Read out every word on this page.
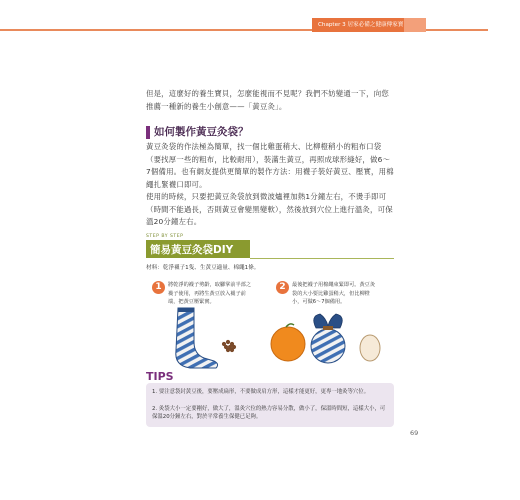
Chapter 3 居家必備之健康傳家寶

但是，這麼好的養生寶貝，怎麼能視而不見呢？我們不妨變通一下，向您推薦一種新的養生小創意——「黃豆灸」。

如何製作黃豆灸袋？

黃豆灸袋的作法極為簡單，找一個比雞蛋稍大、比柳橙稍小的粗布口袋（要找厚一些的粗布，比較耐用），裝滿生黃豆，再照成球形縫好，做6～7個備用。也有網友提供更簡單的製作方法：用襪子裝好黃豆、壓實，用棉繩扎緊襪口即可。

使用的時候，只要把黃豆灸袋放到微波爐裡加熱1分鐘左右，不燙手即可（時間不能過長，否則黃豆會變黑變軟），然後放到穴位上進行溫灸，可保溫20分鐘左右。

STEP BY STEP
簡易黃豆灸袋DIY
材料：乾淨襪子1隻、生黃豆適量、棉繩1條。
1	將乾淨的襪子剪齡，取腳掌前半部之襪子使用，再將生黃豆放入襪子前端，把黃豆壓緊實。
2	最後把襪子用棉繩束緊即可。黃豆灸袋的大小要比雞蛋稍大，但比柳橙小，可做6～7個備用。
TIPS

1. 要注意袋封黃豆後，要壓成扁形，不要做成肩方形，這樣才能更好，更專一地灸等穴位。

2. 灸袋大小一定要剛好，做大了，溫灸穴位的熱力容易分散，做小了，保溫時間短，這樣大小，可保溫20分鐘左右，對於平常養生保健已足夠。

69
